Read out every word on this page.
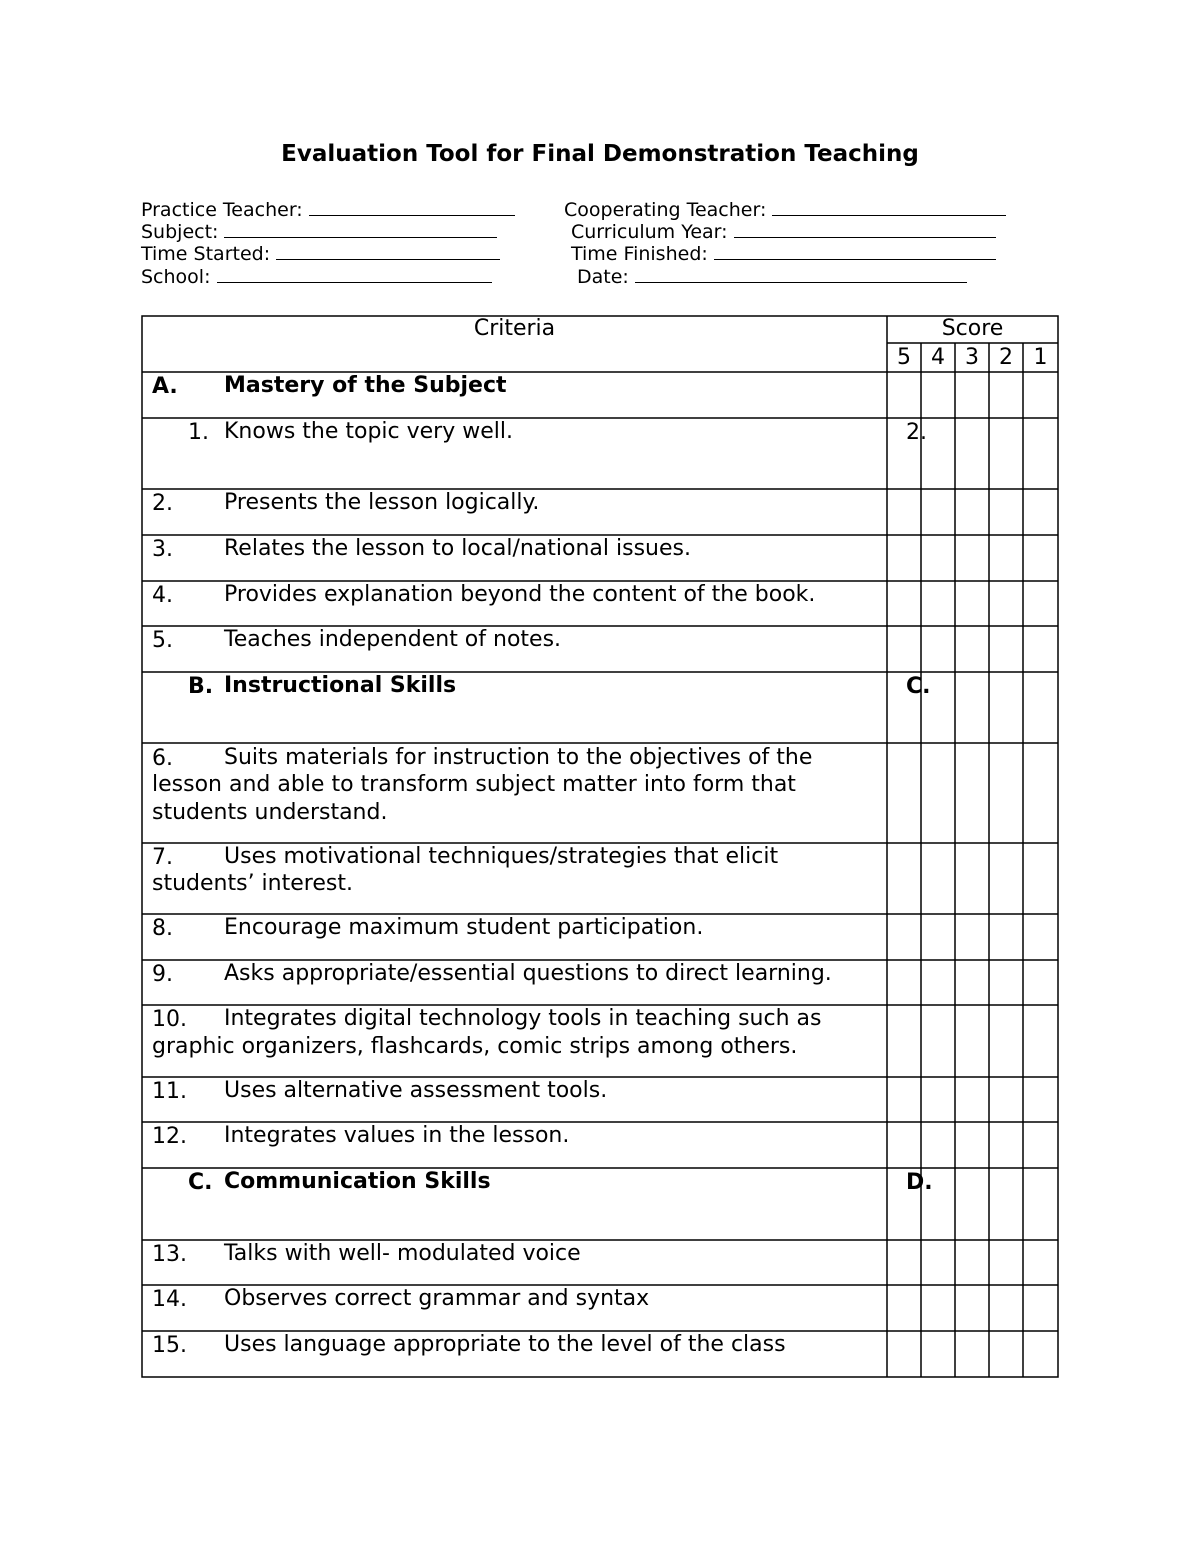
Evaluation Tool for Final Demonstration Teaching
Practice Teacher:	Cooperating Teacher:
Subject:	Curriculum Year:
Time Started:	Time Finished:
School:	Date:
Criteria	Score
5 4 3 2 1
A. Mastery of the Subject
1. Knows the topic very well.	2.
2. Presents the lesson logically.
3. Relates the lesson to local/national issues.
4. Provides explanation beyond the content of the book.
5. Teaches independent of notes.
B. Instructional Skills	C.
6. Suits materials for instruction to the objectives of the
lesson and able to transform subject matter into form that
students understand.
7. Uses motivational techniques/strategies that elicit
students’ interest.
8. Encourage maximum student participation.
9. Asks appropriate/essential questions to direct learning.
10. Integrates digital technology tools in teaching such as
graphic organizers, flashcards, comic strips among others.
11. Uses alternative assessment tools.
12. Integrates values in the lesson.
C. Communication Skills	D.
13. Talks with well- modulated voice
14. Observes correct grammar and syntax
15. Uses language appropriate to the level of the class
